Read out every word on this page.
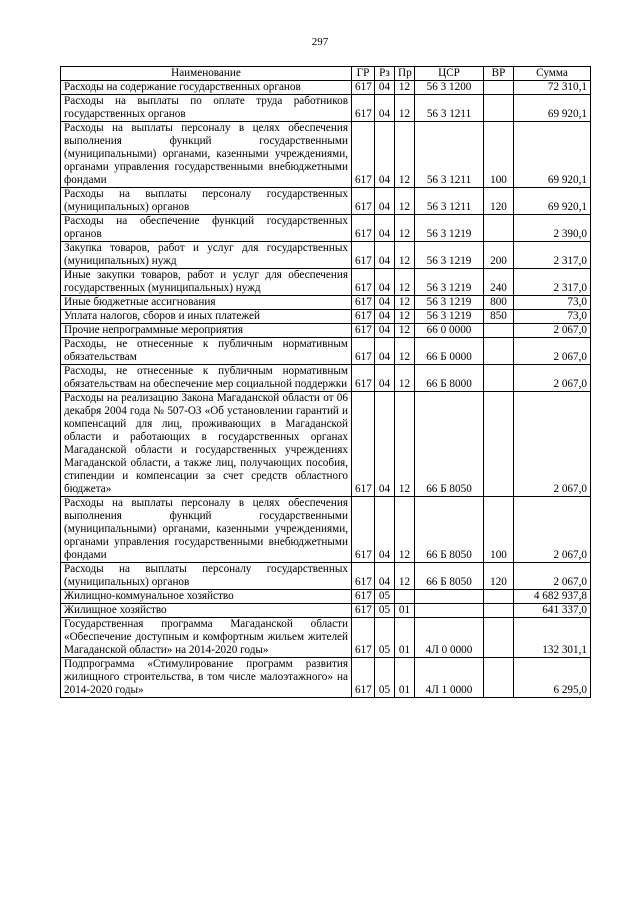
297
Наименование	ГР	Рз	Пр	ЦСР	ВР	Сумма
Расходы на содержание государственных органов	617	04	12	56 3 1200		72 310,1
Расходы на выплаты по оплате труда работников государственных органов	617	04	12	56 3 1211		69 920,1
Расходы на выплаты персоналу в целях обеспечения выполнения функций государственными (муниципальными) органами, казенными учреждениями, органами управления государственными внебюджетными фондами	617	04	12	56 3 1211	100	69 920,1
Расходы на выплаты персоналу государственных (муниципальных) органов	617	04	12	56 3 1211	120	69 920,1
Расходы на обеспечение функций государственных органов	617	04	12	56 3 1219		2 390,0
Закупка товаров, работ и услуг для государственных (муниципальных) нужд	617	04	12	56 3 1219	200	2 317,0
Иные закупки товаров, работ и услуг для обеспечения государственных (муниципальных) нужд	617	04	12	56 3 1219	240	2 317,0
Иные бюджетные ассигнования	617	04	12	56 3 1219	800	73,0
Уплата налогов, сборов и иных платежей	617	04	12	56 3 1219	850	73,0
Прочие непрограммные мероприятия	617	04	12	66 0 0000		2 067,0
Расходы, не отнесенные к публичным нормативным обязательствам	617	04	12	66 Б 0000		2 067,0
Расходы, не отнесенные к публичным нормативным обязательствам на обеспечение мер социальной поддержки	617	04	12	66 Б 8000		2 067,0
Расходы на реализацию Закона Магаданской области от 06 декабря 2004 года № 507-ОЗ «Об установлении гарантий и компенсаций для лиц, проживающих в Магаданской области и работающих в государственных органах Магаданской области и государственных учреждениях Магаданской области, а также лиц, получающих пособия, стипендии и компенсации за счет средств областного бюджета»	617	04	12	66 Б 8050		2 067,0
Расходы на выплаты персоналу в целях обеспечения выполнения функций государственными (муниципальными) органами, казенными учреждениями, органами управления государственными внебюджетными фондами	617	04	12	66 Б 8050	100	2 067,0
Расходы на выплаты персоналу государственных (муниципальных) органов	617	04	12	66 Б 8050	120	2 067,0
Жилищно-коммунальное хозяйство	617	05				4 682 937,8
Жилищное хозяйство	617	05	01			641 337,0
Государственная программа Магаданской области «Обеспечение доступным и комфортным жильем жителей Магаданской области» на 2014-2020 годы»	617	05	01	4Л 0 0000		132 301,1
Подпрограмма «Стимулирование программ развития жилищного строительства, в том числе малоэтажного» на 2014-2020 годы»	617	05	01	4Л 1 0000		6 295,0
